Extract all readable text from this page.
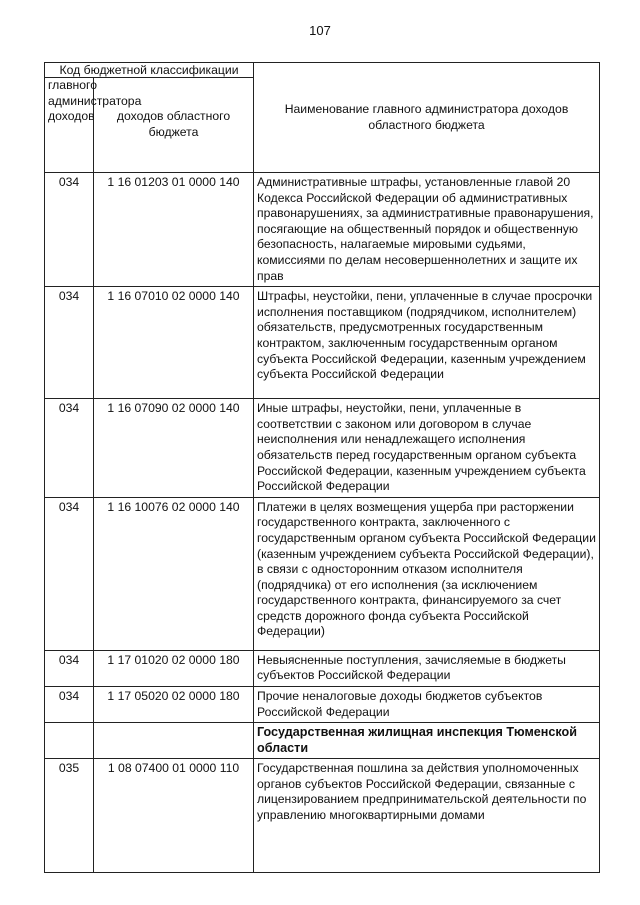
107
Код бюджетной классификации		Наименование главного администратора доходов областного бюджета
главного администратора доходов	доходов областного бюджета	
034	1 16 01203 01 0000 140	Административные штрафы, установленные главой 20 Кодекса Российской Федерации об административных правонарушениях, за административные правонарушения, посягающие на общественный порядок и общественную безопасность, налагаемые мировыми судьями, комиссиями по делам несовершеннолетних и защите их прав
034	1 16 07010 02 0000 140	Штрафы, неустойки, пени, уплаченные в случае просрочки исполнения поставщиком (подрядчиком, исполнителем) обязательств, предусмотренных государственным контрактом, заключенным государственным органом субъекта Российской Федерации, казенным учреждением субъекта Российской Федерации
034	1 16 07090 02 0000 140	Иные штрафы, неустойки, пени, уплаченные в соответствии с законом или договором в случае неисполнения или ненадлежащего исполнения обязательств перед государственным органом субъекта Российской Федерации, казенным учреждением субъекта Российской Федерации
034	1 16 10076 02 0000 140	Платежи в целях возмещения ущерба при расторжении государственного контракта, заключенного с государственным органом субъекта Российской Федерации (казенным учреждением субъекта Российской Федерации), в связи с односторонним отказом исполнителя (подрядчика) от его исполнения (за исключением государственного контракта, финансируемого за счет средств дорожного фонда субъекта Российской Федерации)
034	1 17 01020 02 0000 180	Невыясненные поступления, зачисляемые в бюджеты субъектов Российской Федерации
034	1 17 05020 02 0000 180	Прочие неналоговые доходы бюджетов субъектов Российской Федерации
		Государственная жилищная инспекция Тюменской области
035	1 08 07400 01 0000 110	Государственная пошлина за действия уполномоченных органов субъектов Российской Федерации, связанные с лицензированием предпринимательской деятельности по управлению многоквартирными домами
